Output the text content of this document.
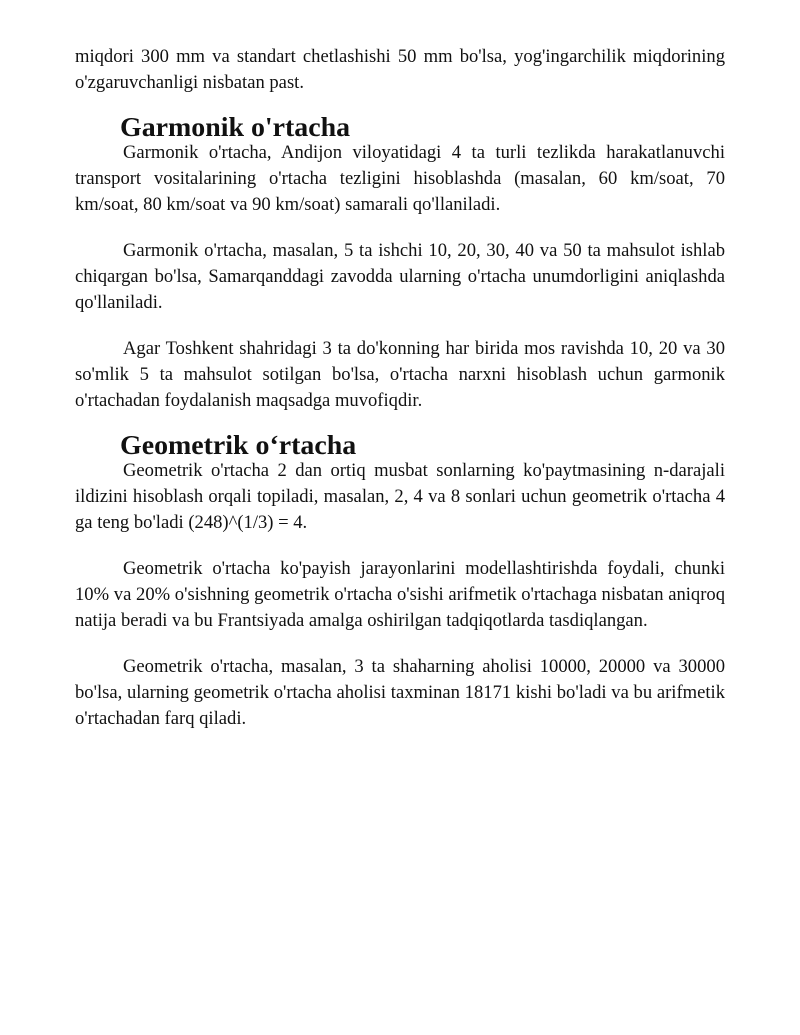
miqdori 300 mm va standart chetlashishi 50 mm bo'lsa, yog'ingarchilik miqdorining o'zgaruvchanligi nisbatan past.

Garmonik o'rtacha

Garmonik o'rtacha, Andijon viloyatidagi 4 ta turli tezlikda harakatlanuvchi transport vositalarining o'rtacha tezligini hisoblashda (masalan, 60 km/soat, 70 km/soat, 80 km/soat va 90 km/soat) samarali qo'llaniladi.

Garmonik o'rtacha, masalan, 5 ta ishchi 10, 20, 30, 40 va 50 ta mahsulot ishlab chiqargan bo'lsa, Samarqanddagi zavodda ularning o'rtacha unumdorligini aniqlashda qo'llaniladi.

Agar Toshkent shahridagi 3 ta do'konning har birida mos ravishda 10, 20 va 30 so'mlik 5 ta mahsulot sotilgan bo'lsa, o'rtacha narxni hisoblash uchun garmonik o'rtachadan foydalanish maqsadga muvofiqdir.

Geometrik oʻrtacha

Geometrik o'rtacha 2 dan ortiq musbat sonlarning ko'paytmasining n-darajali ildizini hisoblash orqali topiladi, masalan, 2, 4 va 8 sonlari uchun geometrik o'rtacha 4 ga teng bo'ladi (248)^(1/3) = 4.

Geometrik o'rtacha ko'payish jarayonlarini modellashtirishda foydali, chunki 10% va 20% o'sishning geometrik o'rtacha o'sishi arifmetik o'rtachaga nisbatan aniqroq natija beradi va bu Frantsiyada amalga oshirilgan tadqiqotlarda tasdiqlangan.

Geometrik o'rtacha, masalan, 3 ta shaharning aholisi 10000, 20000 va 30000 bo'lsa, ularning geometrik o'rtacha aholisi taxminan 18171 kishi bo'ladi va bu arifmetik o'rtachadan farq qiladi.
